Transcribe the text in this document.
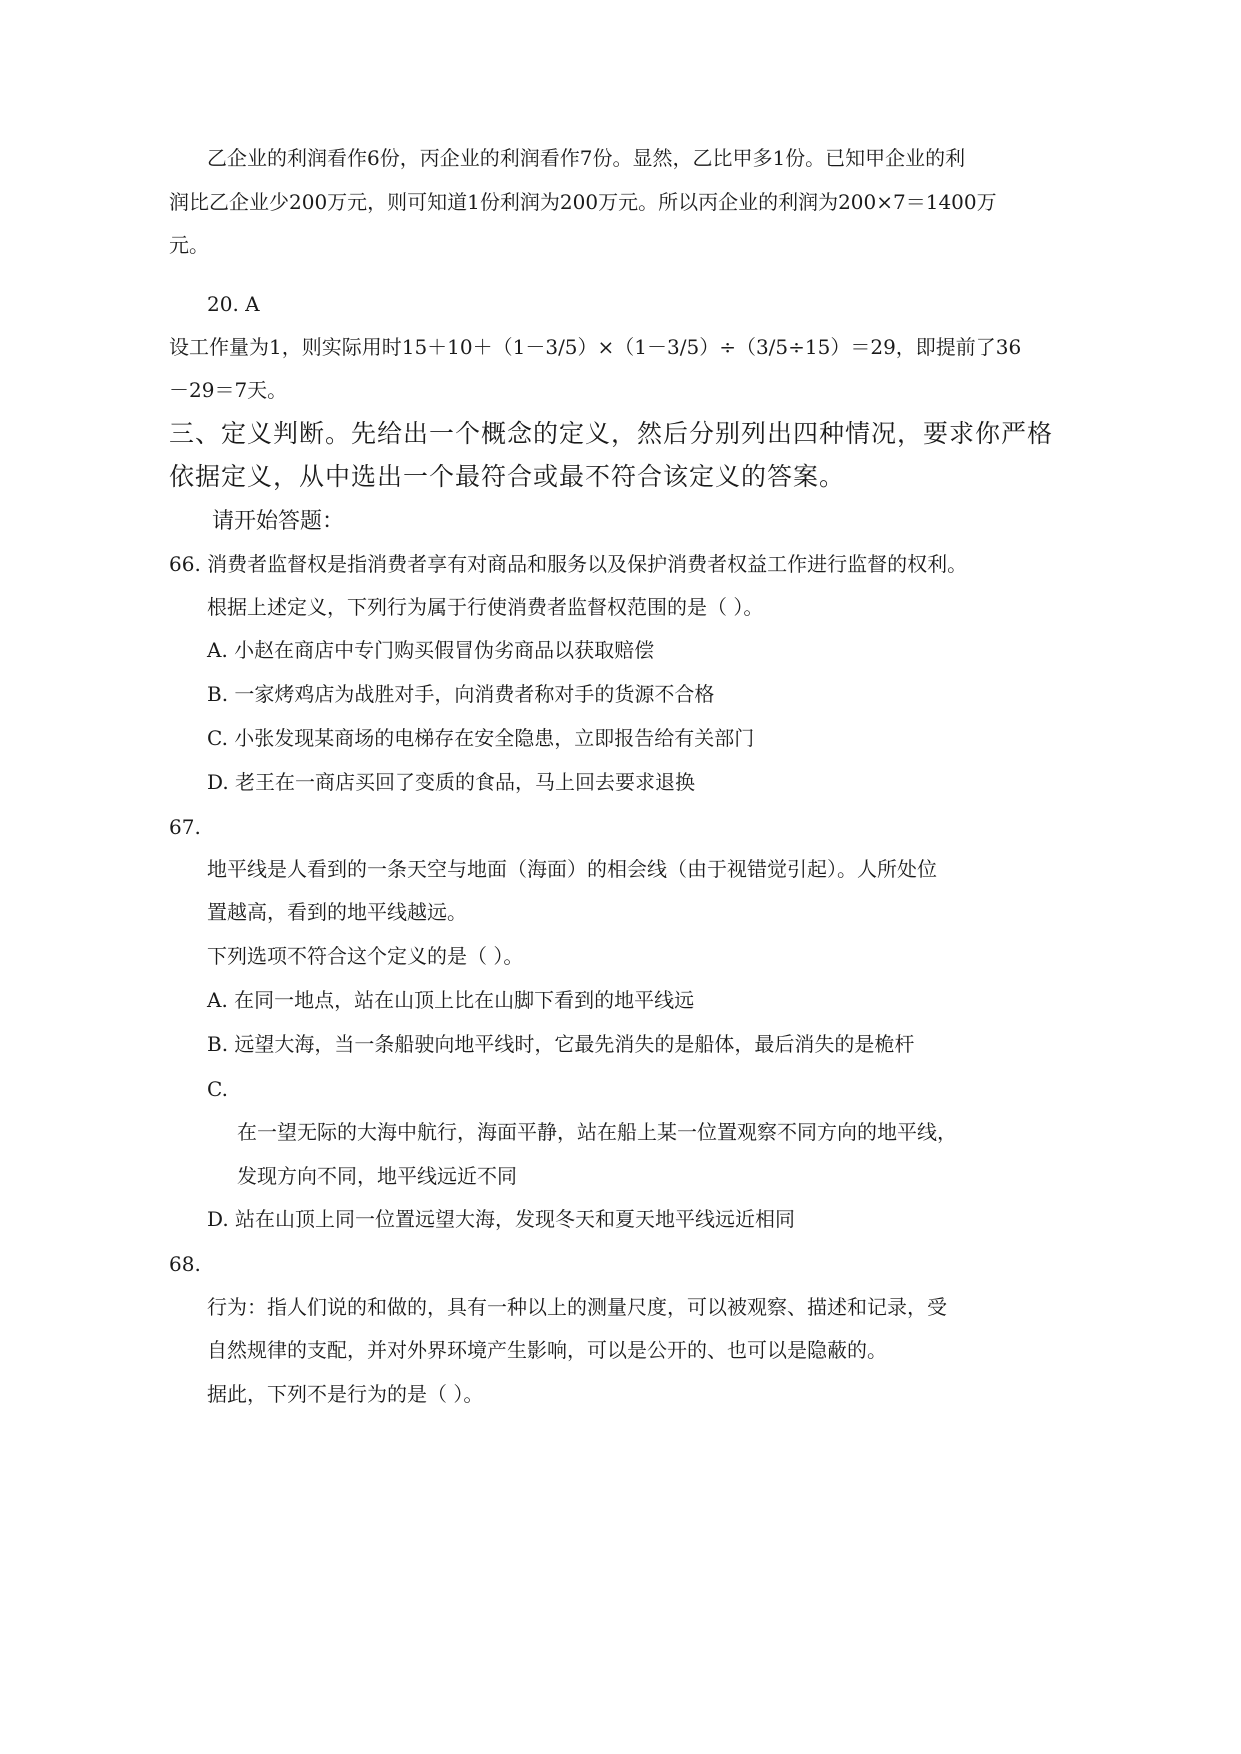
乙企业的利润看作6份，丙企业的利润看作7份。显然，乙比甲多1份。已知甲企业的利
润比乙企业少200万元，则可知道1份利润为200万元。所以丙企业的利润为200×7＝1400万
元。
20. A
设工作量为1，则实际用时15＋10＋（1－3/5）×（1－3/5）÷（3/5÷15）＝29，即提前了36
－29＝7天。
三、定义判断。先给出一个概念的定义，然后分别列出四种情况，要求你严格
依据定义，从中选出一个最符合或最不符合该定义的答案。
请开始答题：
66. 消费者监督权是指消费者享有对商品和服务以及保护消费者权益工作进行监督的权利。
根据上述定义，下列行为属于行使消费者监督权范围的是（ ）。
A. 小赵在商店中专门购买假冒伪劣商品以获取赔偿
B. 一家烤鸡店为战胜对手，向消费者称对手的货源不合格
C. 小张发现某商场的电梯存在安全隐患，立即报告给有关部门
D. 老王在一商店买回了变质的食品，马上回去要求退换
67.
地平线是人看到的一条天空与地面（海面）的相会线（由于视错觉引起）。人所处位
置越高，看到的地平线越远。
下列选项不符合这个定义的是（ ）。
A. 在同一地点，站在山顶上比在山脚下看到的地平线远
B. 远望大海，当一条船驶向地平线时，它最先消失的是船体，最后消失的是桅杆
C.
在一望无际的大海中航行，海面平静，站在船上某一位置观察不同方向的地平线，
发现方向不同，地平线远近不同
D. 站在山顶上同一位置远望大海，发现冬天和夏天地平线远近相同
68.
行为：指人们说的和做的，具有一种以上的测量尺度，可以被观察、描述和记录，受
自然规律的支配，并对外界环境产生影响，可以是公开的、也可以是隐蔽的。
据此，下列不是行为的是（ ）。
